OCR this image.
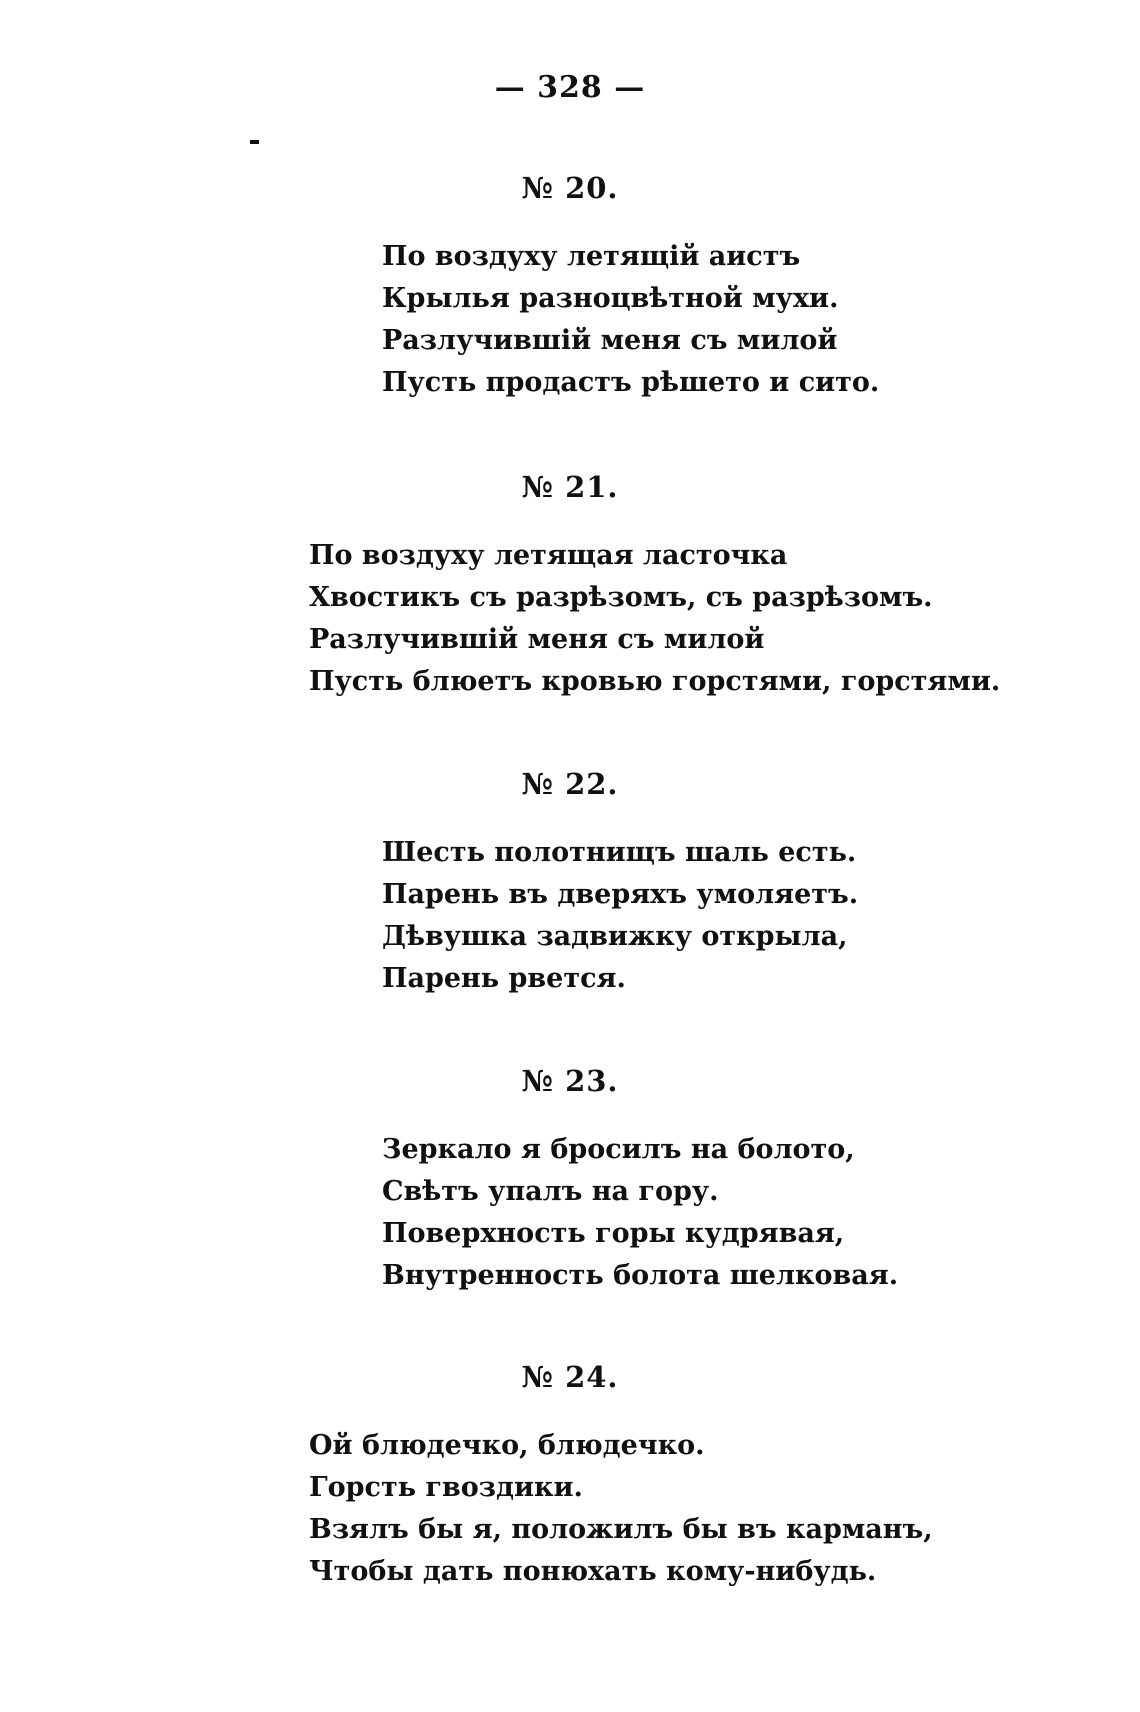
— 328 —
№ 20.
По воздуху летящій аистъ
Крылья разноцвѣтной мухи.
Разлучившій меня съ милой
Пусть продастъ рѣшето и сито.
№ 21.
По воздуху летящая ласточка
Хвостикъ съ разрѣзомъ, съ разрѣзомъ.
Разлучившій меня съ милой
Пусть блюетъ кровью горстями, горстями.
№ 22.
Шесть полотнищъ шаль есть.
Парень въ дверяхъ умоляетъ.
Дѣвушка задвижку открыла,
Парень рвется.
№ 23.
Зеркало я бросилъ на болото,
Свѣтъ упалъ на гору.
Поверхность горы кудрявая,
Внутренность болота шелковая.
№ 24.
Ой блюдечко, блюдечко.
Горсть гвоздики.
Взялъ бы я, положилъ бы въ карманъ,
Чтобы дать понюхать кому-нибудь.
